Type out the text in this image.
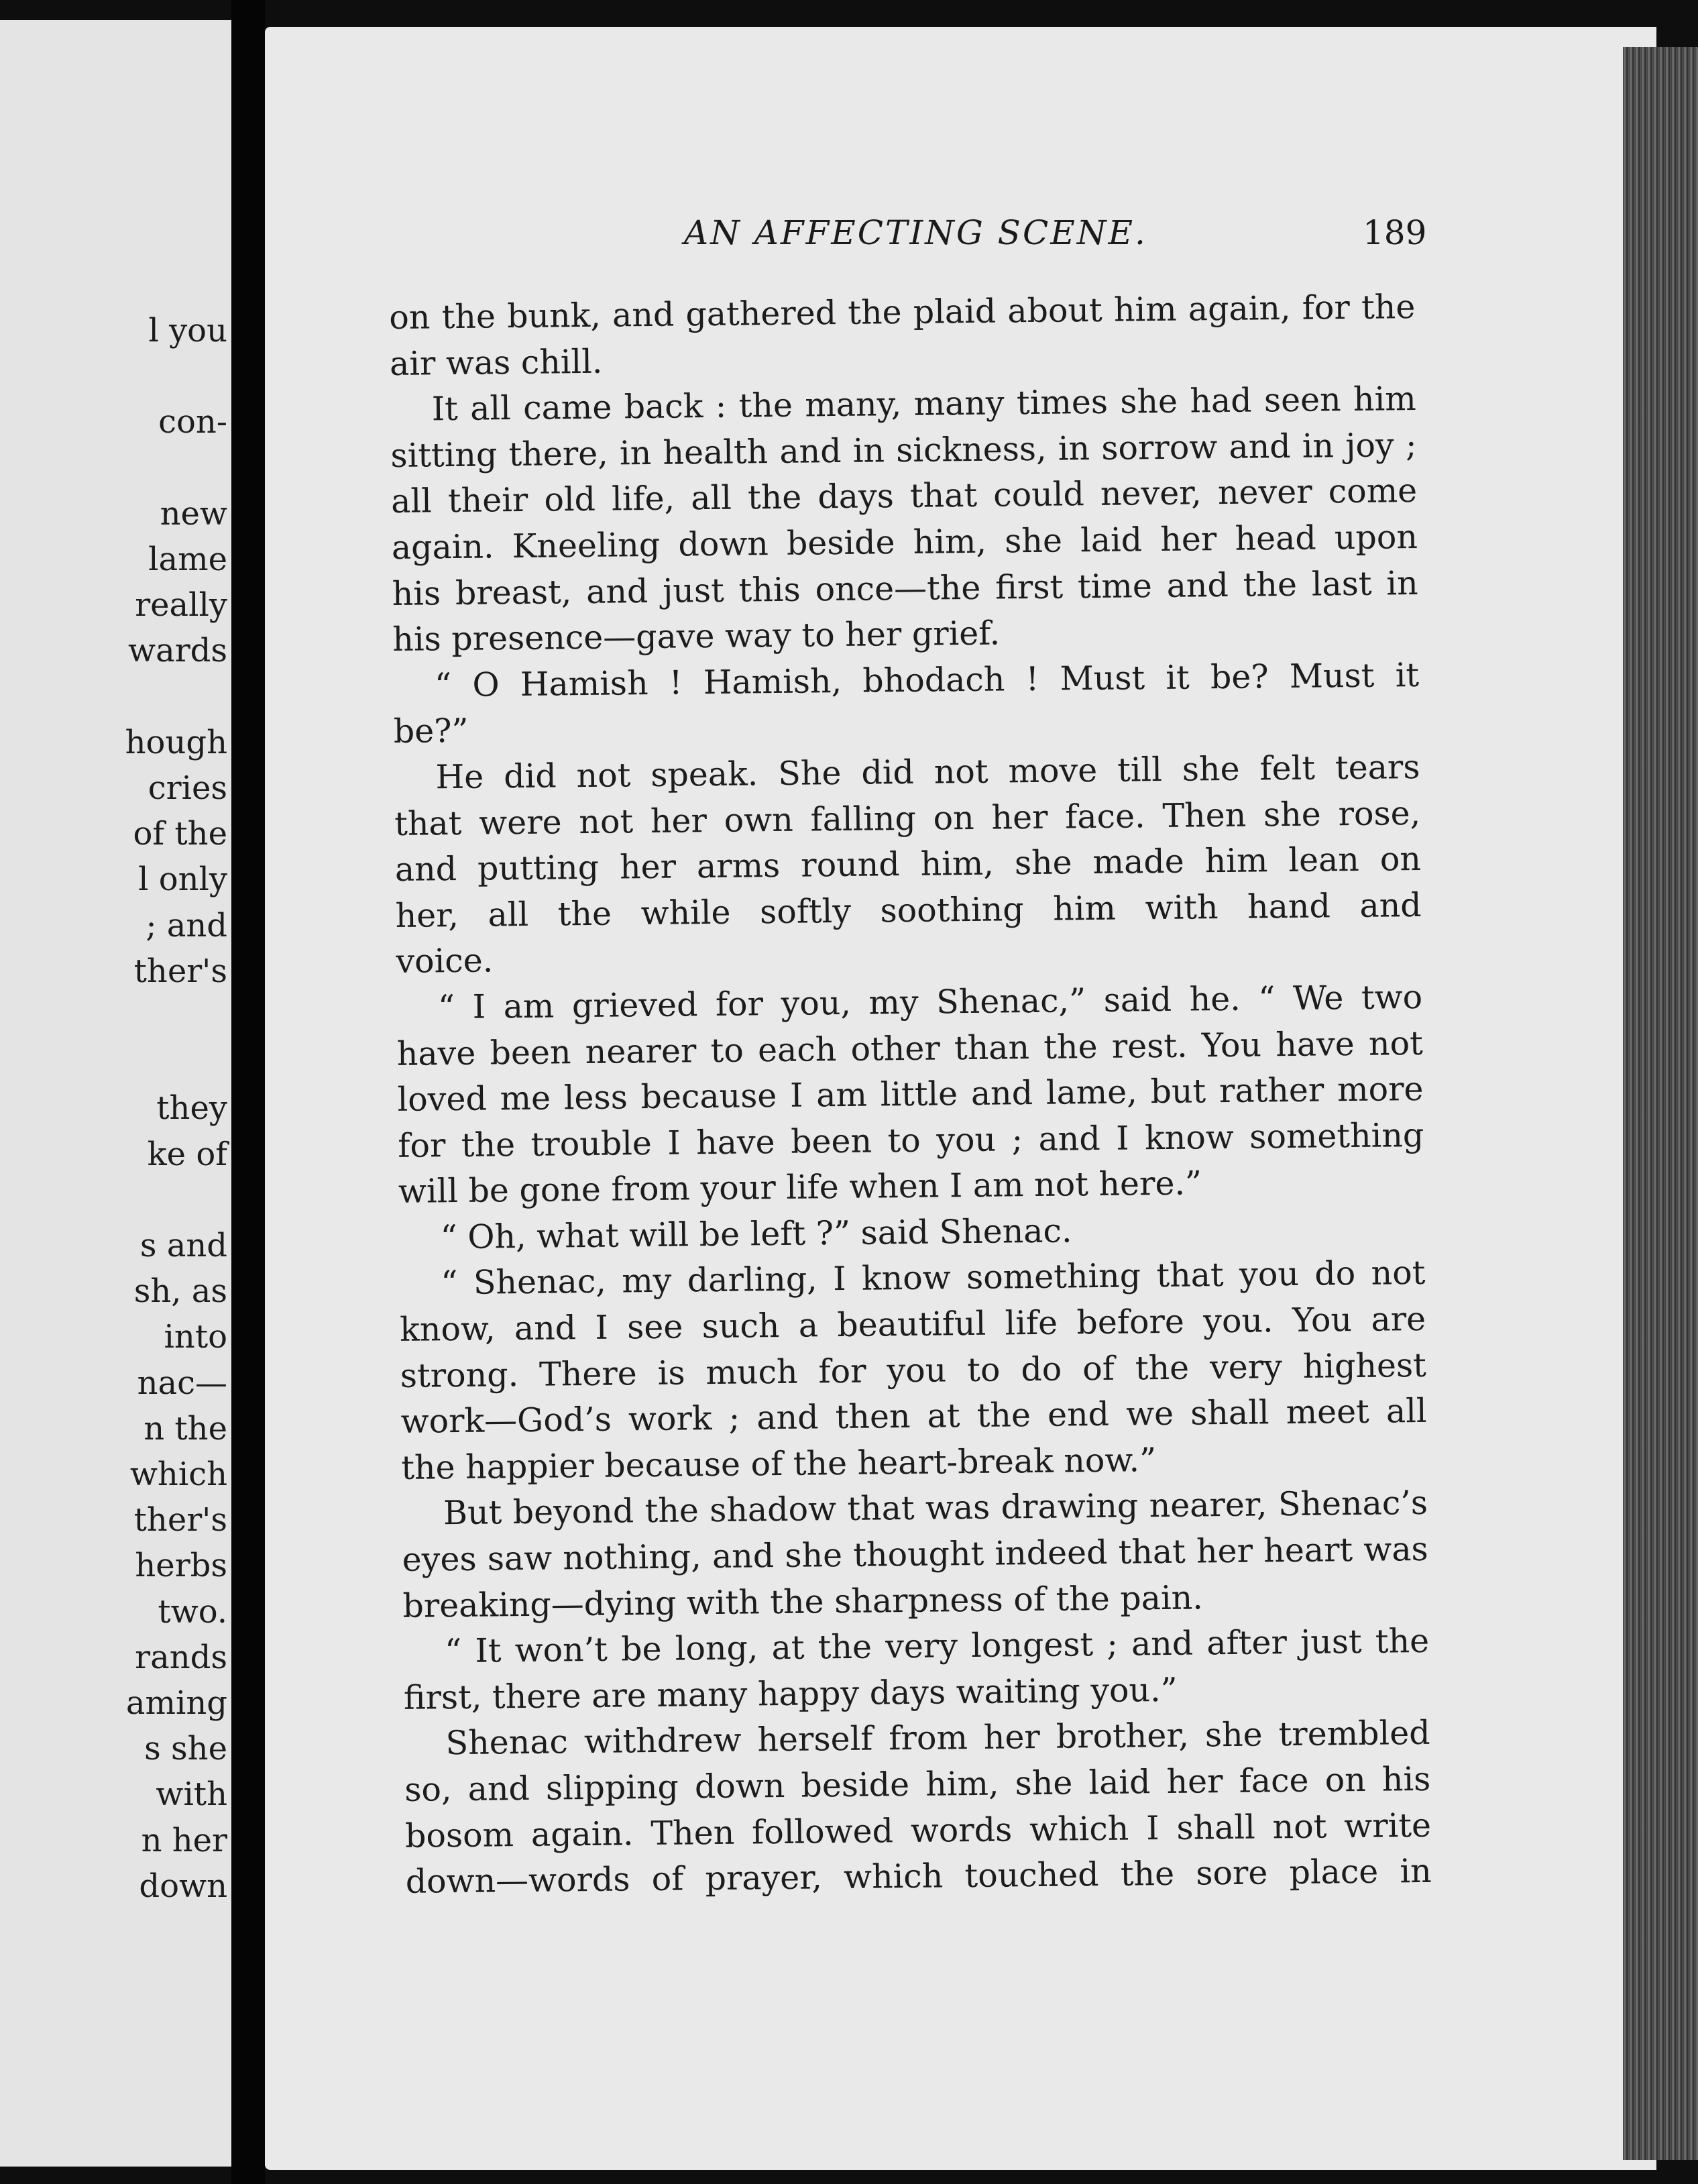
l you
con-
new
lame
really
wards
hough
cries
of the
l only
; and
ther's
they
ke of
s and
sh, as
into
nac—
n the
which
ther's
herbs
two.
rands
aming
s she
with
n her
down
AN AFFECTING SCENE.	189
on the bunk, and gathered the plaid about him again, for the
air was chill.
It all came back : the many, many times she had seen him
sitting there, in health and in sickness, in sorrow and in joy ;
all their old life, all the days that could never, never come
again. Kneeling down beside him, she laid her head upon
his breast, and just this once—the first time and the last in
his presence—gave way to her grief.
“ O Hamish ! Hamish, bhodach ! Must it be? Must it
be?”
He did not speak. She did not move till she felt tears
that were not her own falling on her face. Then she rose,
and putting her arms round him, she made him lean on
her, all the while softly soothing him with hand and
voice.
“ I am grieved for you, my Shenac,” said he. “ We two
have been nearer to each other than the rest. You have not
loved me less because I am little and lame, but rather more
for the trouble I have been to you ; and I know something
will be gone from your life when I am not here.”
“ Oh, what will be left ?” said Shenac.
“ Shenac, my darling, I know something that you do not
know, and I see such a beautiful life before you. You are
strong. There is much for you to do of the very highest
work—God’s work ; and then at the end we shall meet all
the happier because of the heart-break now.”
But beyond the shadow that was drawing nearer, Shenac’s
eyes saw nothing, and she thought indeed that her heart was
breaking—dying with the sharpness of the pain.
“ It won’t be long, at the very longest ; and after just the
first, there are many happy days waiting you.”
Shenac withdrew herself from her brother, she trembled
so, and slipping down beside him, she laid her face on his
bosom again. Then followed words which I shall not write
down—words of prayer, which touched the sore place in
